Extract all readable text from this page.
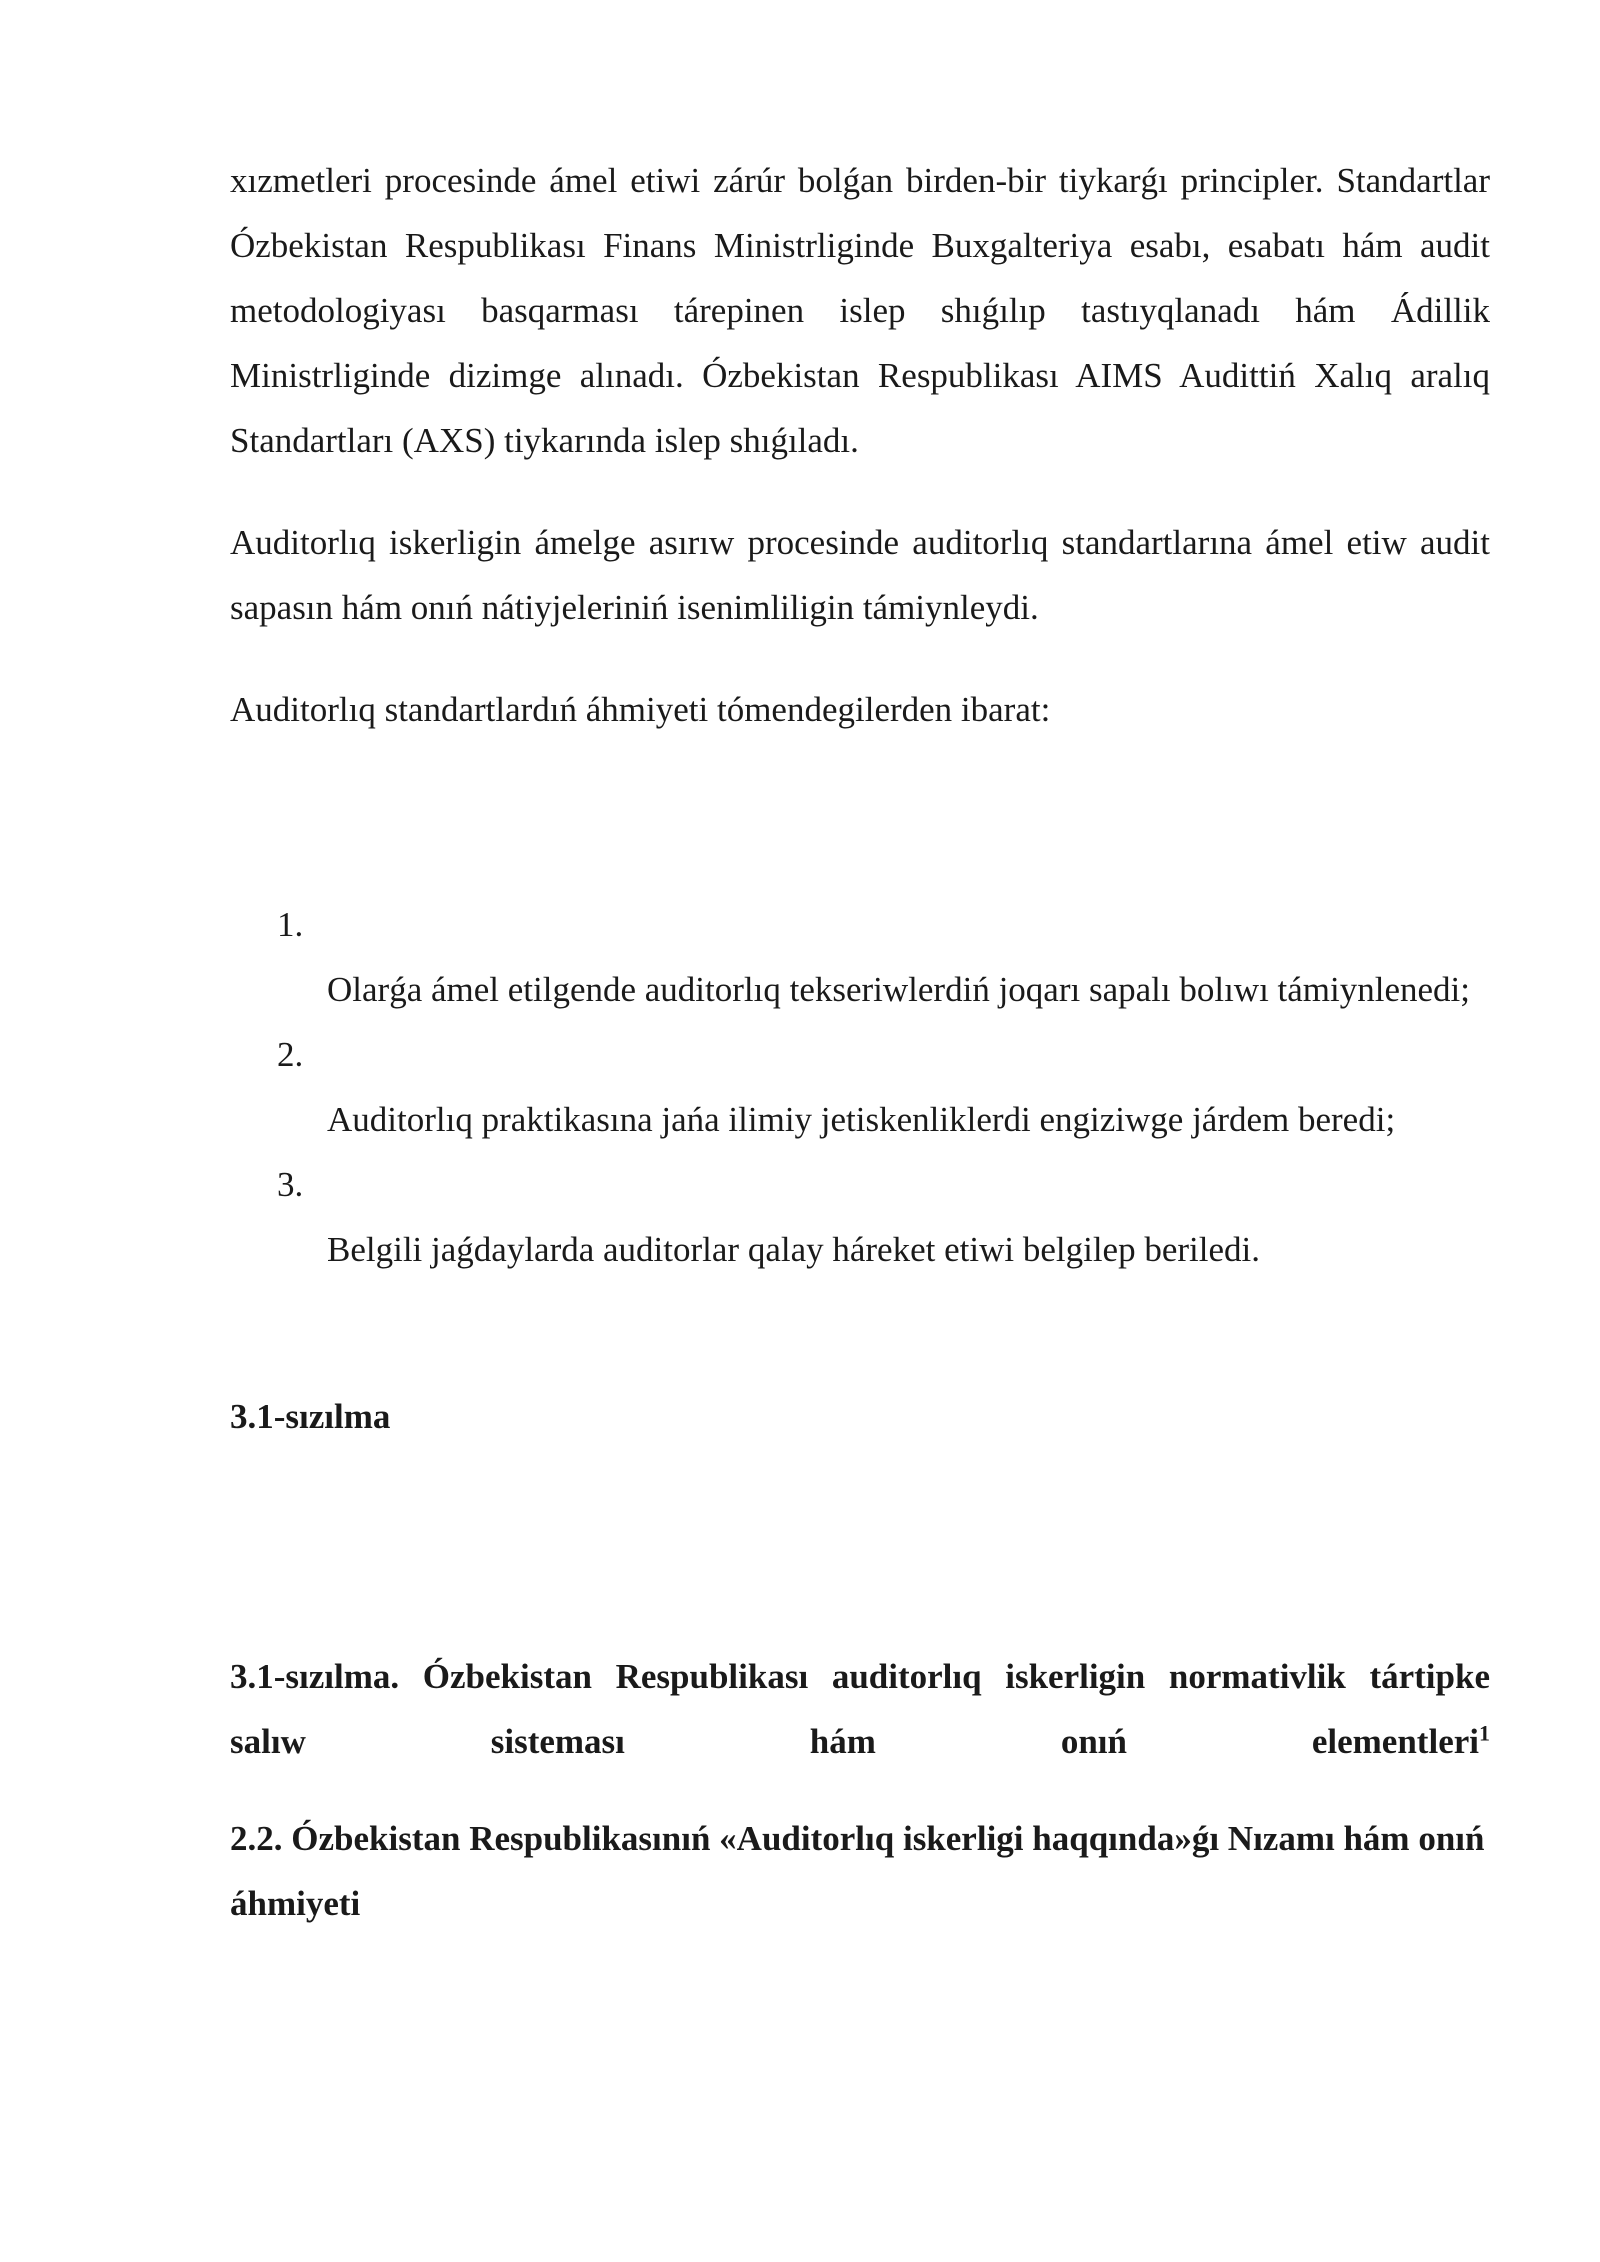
xızmetleri procesinde ámel etiwi zárúr bolǵan birden-bir tiykarǵı principler. Standartlar Ózbekistan Respublikası Finans Ministrliginde Buxgalteriya esabı, esabatı hám audit metodologiyası basqarması tárepinen islep shıǵılıp tastıyqlanadı hám Ádillik Ministrliginde dizimge alınadı. Ózbekistan Respublikası AIMS Audittiń Xalıq aralıq Standartları (AXS) tiykarında islep shıǵıladı.

Auditorlıq iskerligin ámelge asırıw procesinde auditorlıq standartlarına ámel etiw audit sapasın hám onıń nátiyjeleriniń isenimliligin támiynleydi.

Auditorlıq standartlardıń áhmiyeti tómendegilerden ibarat:

1.
Olarǵa ámel etilgende auditorlıq tekseriwlerdiń joqarı sapalı bolıwı támiynlenedi;
2.
Auditorlıq praktikasına jańa ilimiy jetiskenliklerdi engiziwge járdem beredi;
3.
Belgili jaǵdaylarda auditorlar qalay háreket etiwi belgilep beriledi.

3.1-sızılma

3.1-sızılma. Ózbekistan Respublikası auditorlıq iskerligin normativlik tártipke

salıw	sisteması	hám	onıń	elementleri$^1$

2.2. Ózbekistan Respublikasınıń «Auditorlıq iskerligi haqqında»ǵı Nızamı hám onıń áhmiyeti
